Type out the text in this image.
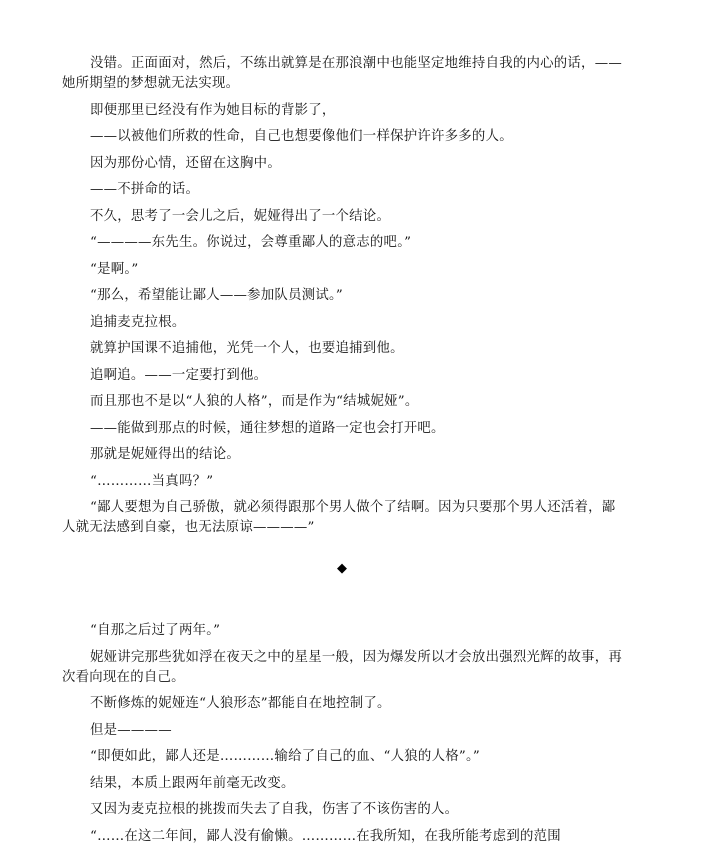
没错。正面面对，然后，不练出就算是在那浪潮中也能坚定地维持自我的内心的话，——她所期望的梦想就无法实现。

即便那里已经没有作为她目标的背影了，

——以被他们所救的性命，自己也想要像他们一样保护许许多多的人。

因为那份心情，还留在这胸中。

——不拼命的话。

不久，思考了一会儿之后，妮娅得出了一个结论。

“————东先生。你说过，会尊重鄙人的意志的吧。”

“是啊。”

“那么，希望能让鄙人——参加队员测试。”

追捕麦克拉根。

就算护国课不追捕他，光凭一个人，也要追捕到他。

追啊追。——一定要打到他。

而且那也不是以“人狼的人格”，而是作为“结城妮娅”。

——能做到那点的时候，通往梦想的道路一定也会打开吧。

那就是妮娅得出的结论。

“…………当真吗？”

“鄙人要想为自己骄傲，就必须得跟那个男人做个了结啊。因为只要那个男人还活着，鄙人就无法感到自豪，也无法原谅————”

◆

“自那之后过了两年。”

妮娅讲完那些犹如浮在夜天之中的星星一般，因为爆发所以才会放出强烈光辉的故事，再次看向现在的自己。

不断修炼的妮娅连“人狼形态”都能自在地控制了。

但是————

“即便如此，鄙人还是…………输给了自己的血、“人狼的人格”。”

结果，本质上跟两年前毫无改变。

又因为麦克拉根的挑拨而失去了自我，伤害了不该伤害的人。

“……在这二年间，鄙人没有偷懒。…………在我所知，在我所能考虑到的范围
